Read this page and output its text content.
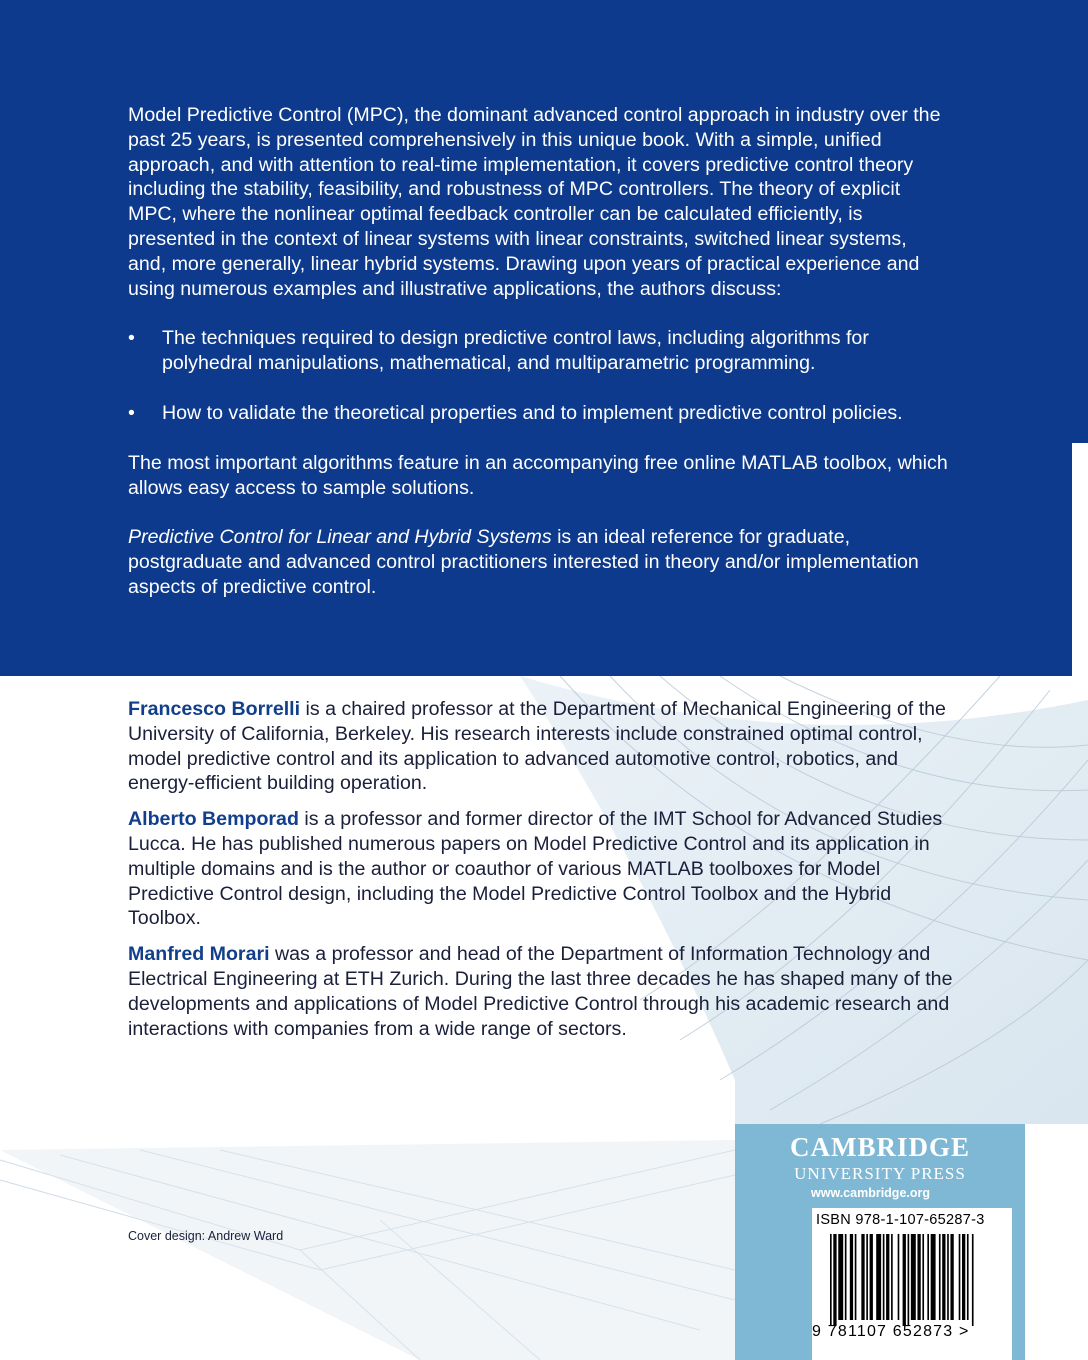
Model Predictive Control (MPC), the dominant advanced control approach in industry over the past 25 years, is presented comprehensively in this unique book. With a simple, unified approach, and with attention to real-time implementation, it covers predictive control theory including the stability, feasibility, and robustness of MPC controllers. The theory of explicit MPC, where the nonlinear optimal feedback controller can be calculated efficiently, is presented in the context of linear systems with linear constraints, switched linear systems, and, more generally, linear hybrid systems. Drawing upon years of practical experience and using numerous examples and illustrative applications, the authors discuss:

• The techniques required to design predictive control laws, including algorithms for polyhedral manipulations, mathematical, and multiparametric programming.
• How to validate the theoretical properties and to implement predictive control policies.

The most important algorithms feature in an accompanying free online MATLAB toolbox, which allows easy access to sample solutions.

Predictive Control for Linear and Hybrid Systems is an ideal reference for graduate, postgraduate and advanced control practitioners interested in theory and/or implementation aspects of predictive control.

Francesco Borrelli is a chaired professor at the Department of Mechanical Engineering of the University of California, Berkeley. His research interests include constrained optimal control, model predictive control and its application to advanced automotive control, robotics, and energy-efficient building operation.

Alberto Bemporad is a professor and former director of the IMT School for Advanced Studies Lucca. He has published numerous papers on Model Predictive Control and its application in multiple domains and is the author or coauthor of various MATLAB toolboxes for Model Predictive Control design, including the Model Predictive Control Toolbox and the Hybrid Toolbox.

Manfred Morari was a professor and head of the Department of Information Technology and Electrical Engineering at ETH Zurich. During the last three decades he has shaped many of the developments and applications of Model Predictive Control through his academic research and interactions with companies from a wide range of sectors.

Cover design: Andrew Ward
CAMBRIDGE
UNIVERSITY PRESS
www.cambridge.org
ISBN 978-1-107-65287-3
9 781107 652873 >
